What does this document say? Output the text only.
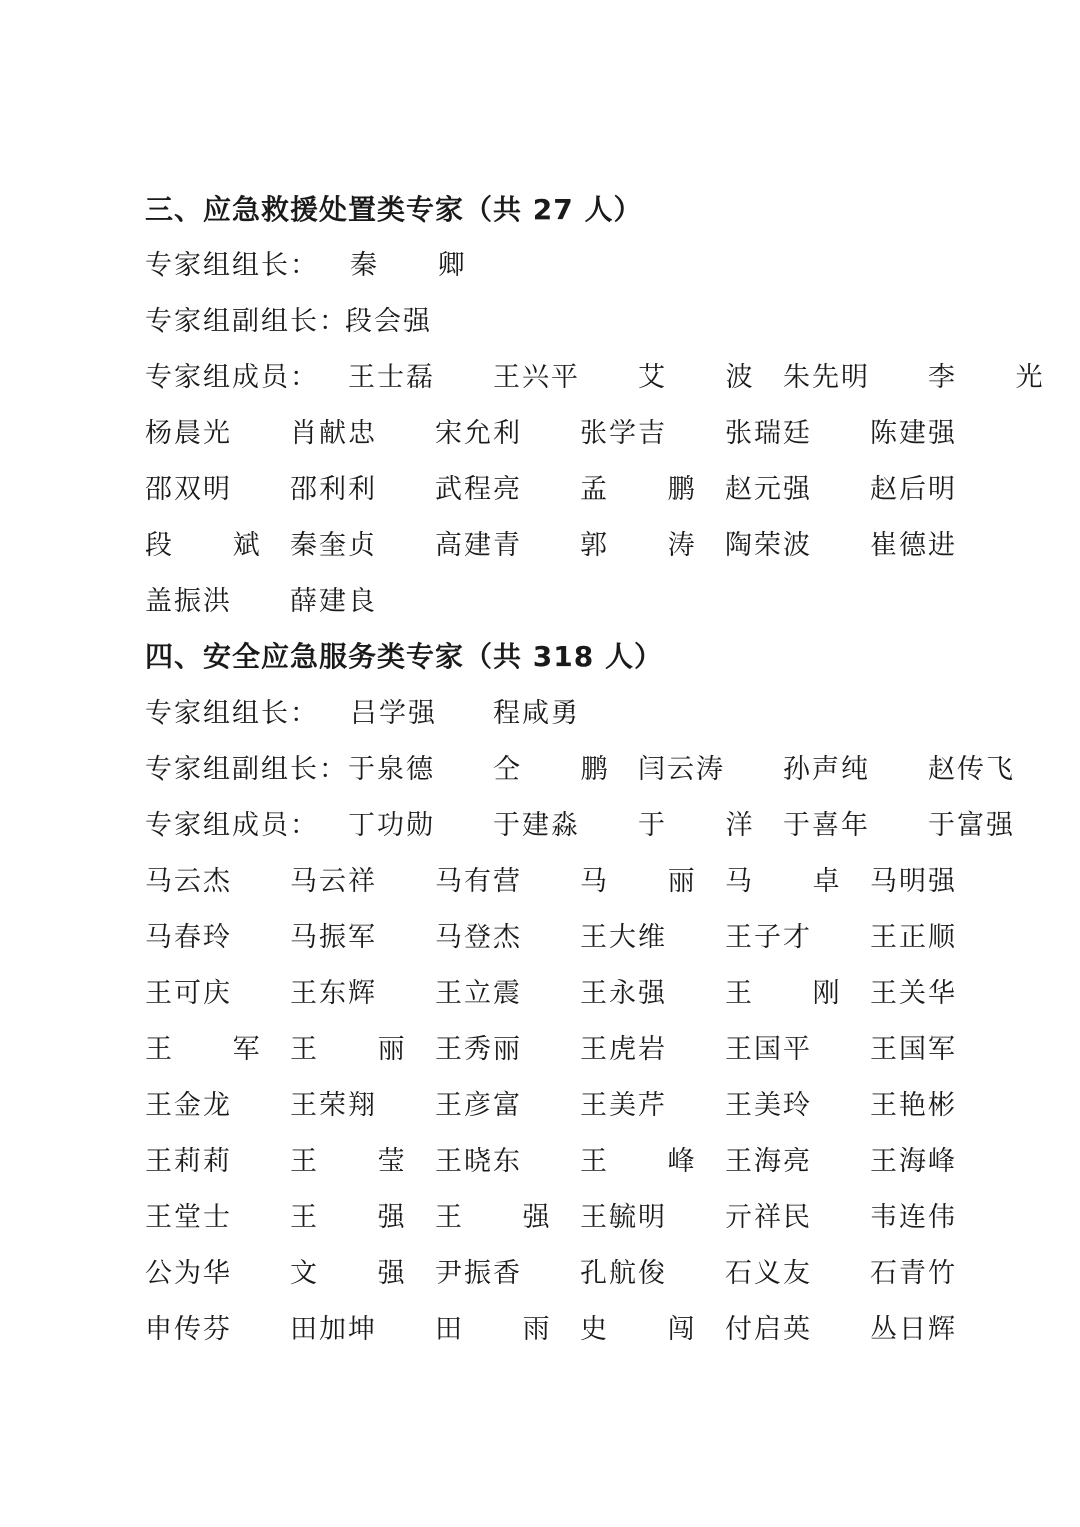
三、应急救援处置类专家（共 27 人）
专家组组长： 秦 卿
专家组副组长：
段会强
专家组成员： 王士磊 王兴平 艾 波 朱先明 李 光
杨晨光 肖献忠 宋允利 张学吉 张瑞廷 陈建强
邵双明 邵利利 武程亮 孟 鹏 赵元强 赵后明
段 斌 秦奎贞 高建青 郭 涛 陶荣波 崔德进
盖振洪 薛建良
四、安全应急服务类专家（共 318 人）
专家组组长： 吕学强 程咸勇
专家组副组长： 于泉德 仝 鹏 闫云涛 孙声纯 赵传飞
专家组成员： 丁功勋 于建淼 于 洋 于喜年 于富强
马云杰 马云祥 马有营 马 丽 马 卓 马明强
马春玲 马振军 马登杰 王大维 王子才 王正顺
王可庆 王东辉 王立震 王永强 王 刚 王关华
王 军 王 丽 王秀丽 王虎岩 王国平 王国军
王金龙 王荣翔 王彦富 王美芹 王美玲 王艳彬
王莉莉 王 莹 王晓东 王 峰 王海亮 王海峰
王堂士 王 强 王 强 王毓明 亓祥民 韦连伟
公为华 文 强 尹振香 孔航俊 石义友 石青竹
申传芬 田加坤 田 雨 史 闯 付启英 丛日辉
